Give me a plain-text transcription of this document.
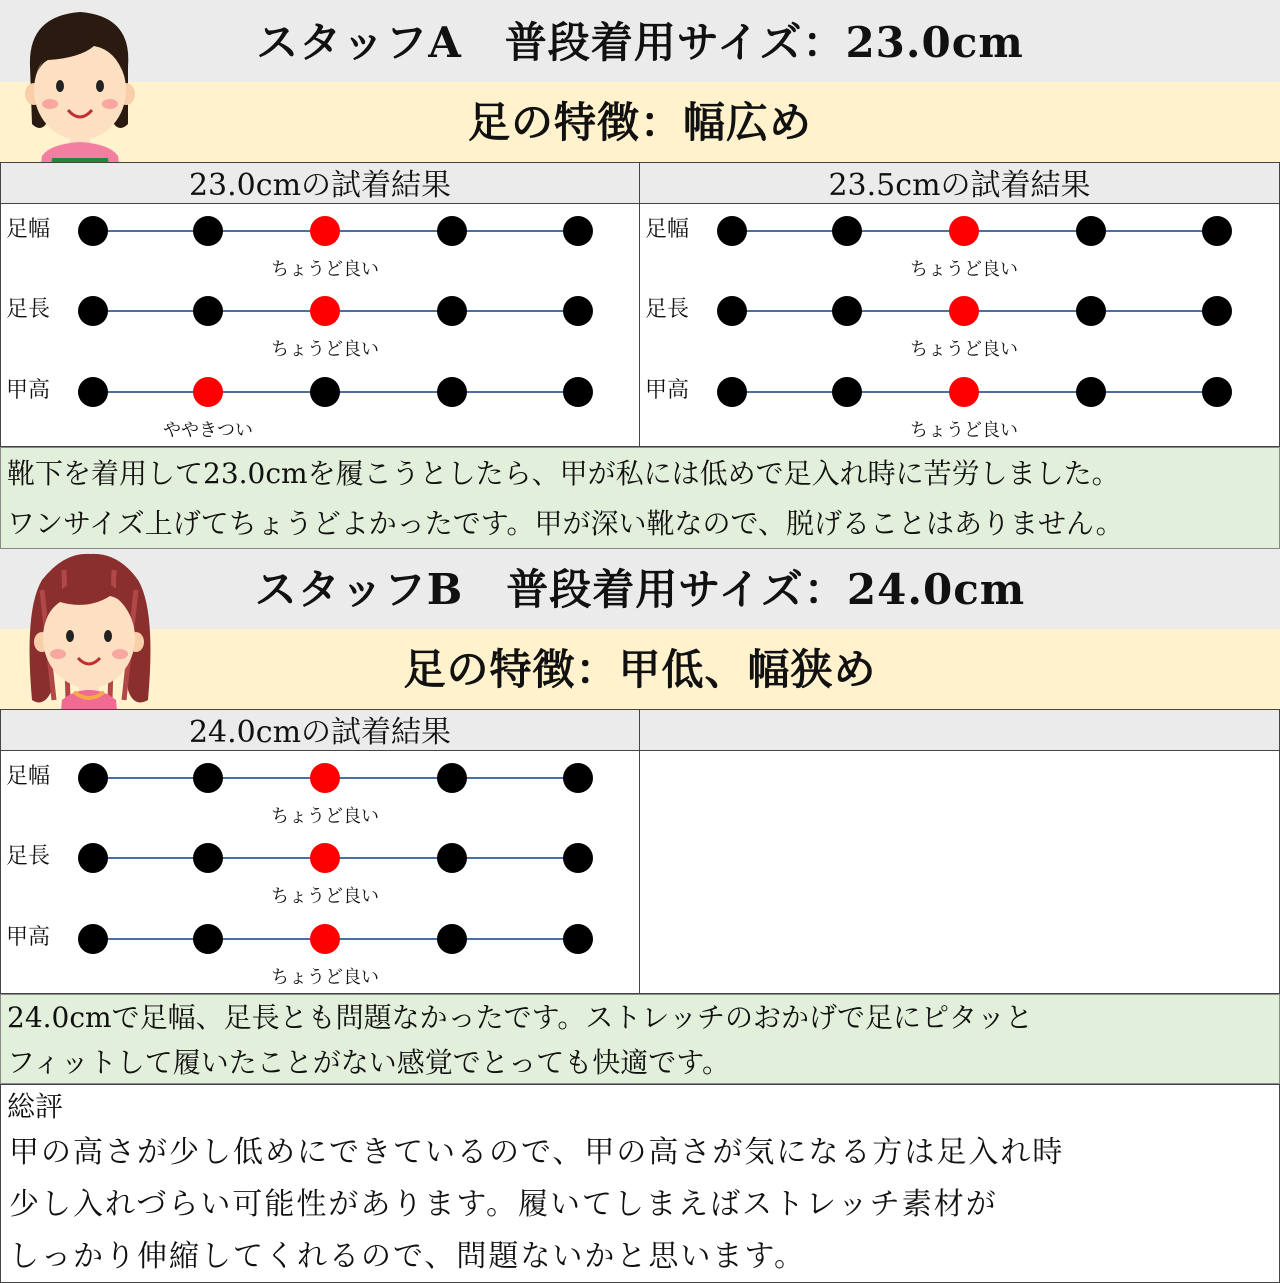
スタッフA　普段着用サイズ：23.0cm
足の特徴：幅広め
23.0cmの試着結果	23.5cmの試着結果
靴下を着用して23.0cmを履こうとしたら、甲が私には低めで足入れ時に苦労しました。
ワンサイズ上げてちょうどよかったです。甲が深い靴なので、脱げることはありません。
スタッフB　普段着用サイズ：24.0cm
足の特徴：甲低、幅狭め
24.0cmの試着結果
24.0cmで足幅、足長とも問題なかったです。ストレッチのおかげで足にピタッと
フィットして履いたことがない感覚でとっても快適です。
総評
甲の高さが少し低めにできているので、甲の高さが気になる方は足入れ時
少し入れづらい可能性があります。履いてしまえばストレッチ素材が
しっかり伸縮してくれるので、問題ないかと思います。
足幅
ちょうど良い
足長
ちょうど良い
甲高
ややきつい
足幅
ちょうど良い
足長
ちょうど良い
甲高
ちょうど良い
足幅
ちょうど良い
足長
ちょうど良い
甲高
ちょうど良い
